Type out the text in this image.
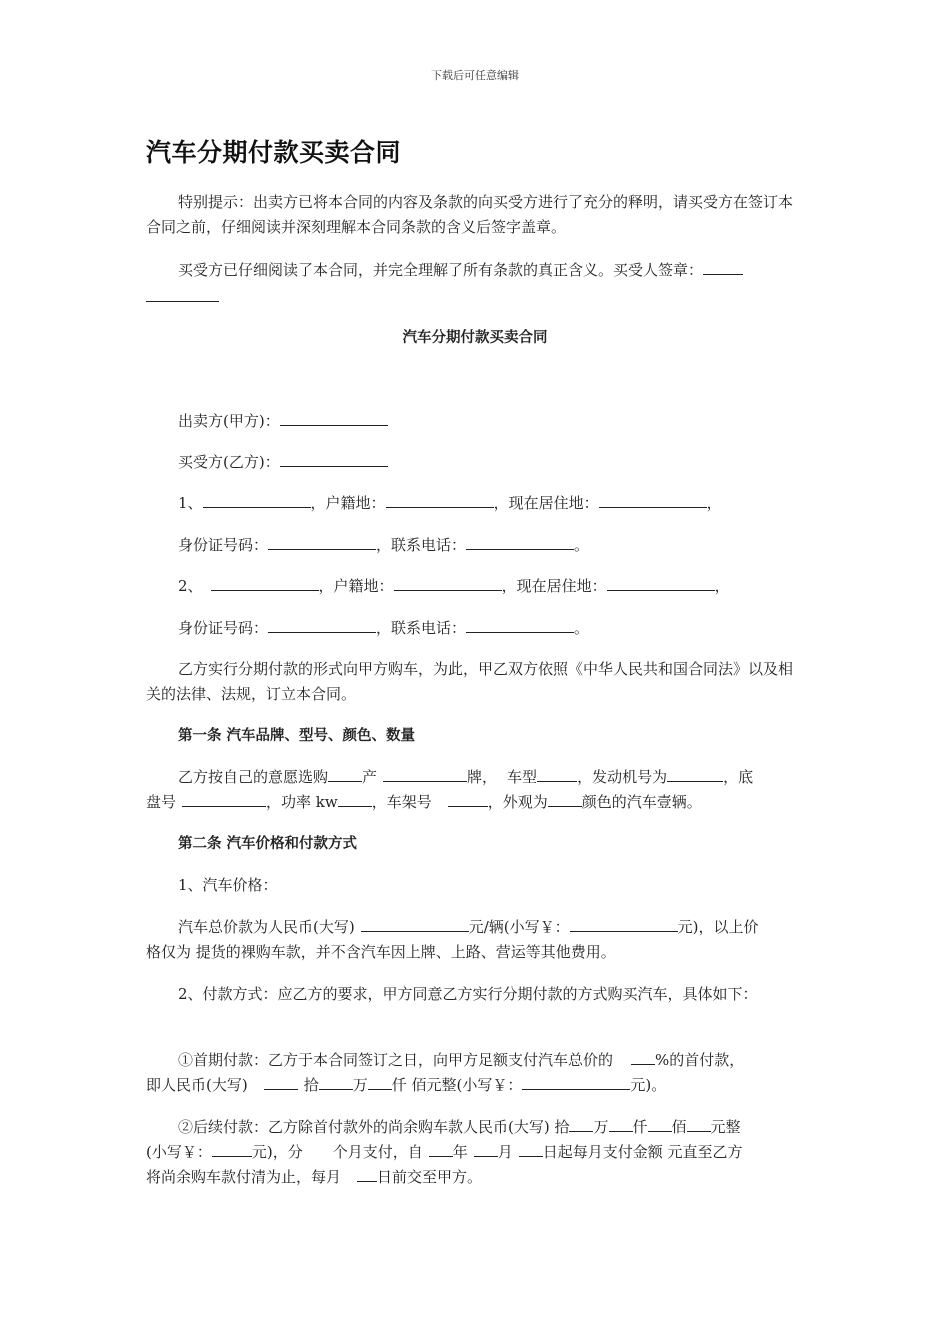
下载后可任意编辑
汽车分期付款买卖合同
特别提示：出卖方已将本合同的内容及条款的向买受方进行了充分的释明，请买受方在签订本合同之前，仔细阅读并深刻理解本合同条款的含义后签字盖章。
买受方已仔细阅读了本合同，并完全理解了所有条款的真正含义。买受人签章：
汽车分期付款买卖合同
出卖方(甲方)：
买受方(乙方)：
1、	，户籍地：	，现在居住地：	，
身份证号码：	，联系电话：	。
2、	，户籍地：	，现在居住地：	，
身份证号码：	，联系电话：	。
乙方实行分期付款的形式向甲方购车，为此，甲乙双方依照《中华人民共和国合同法》以及相关的法律、法规，订立本合同。
第一条 汽车品牌、型号、颜色、数量
乙方按自己的意愿选购 产	牌， 车型	，发动机号为	，底
盘号	，功率 kw ，车架号	，外观为 颜色的汽车壹辆。
第二条 汽车价格和付款方式
1、汽车价格：
汽车总价款为人民币(大写)	元/辆(小写￥：	元)，以上价
格仅为 提货的裸购车款，并不含汽车因上牌、上路、营运等其他费用。
2、付款方式：应乙方的要求，甲方同意乙方实行分期付款的方式购买汽车，具体如下：
①首期付款：乙方于本合同签订之日，向甲方足额支付汽车总价的	%的首付款，
即人民币(大写)	拾 万 仟 佰元整(小写￥：	元)。
②后续付款：乙方除首付款外的尚余购车款人民币(大写) 拾 万 仟 佰 元整
(小写￥：	元)，分 个月支付，自 年 月 日起每月支付金额 元直至乙方
将尚余购车款付清为止，每月 日前交至甲方。
